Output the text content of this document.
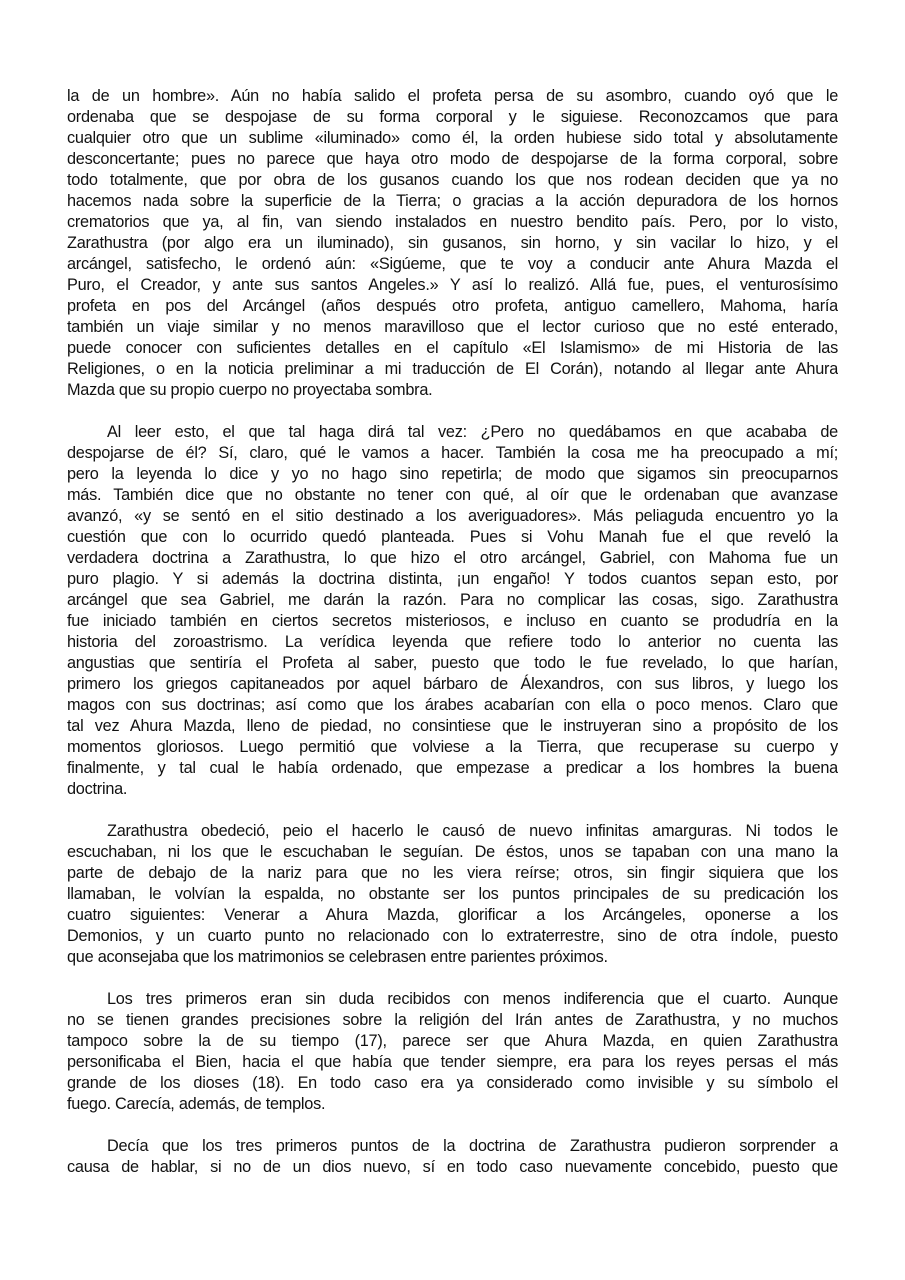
la de un hombre». Aún no había salido el profeta persa de su asombro, cuando oyó que le
ordenaba que se despojase de su forma corporal y le siguiese. Reconozcamos que para
cualquier otro que un sublime «iluminado» como él, la orden hubiese sido total y absolutamente
desconcertante; pues no parece que haya otro modo de despojarse de la forma corporal, sobre
todo totalmente, que por obra de los gusanos cuando los que nos rodean deciden que ya no
hacemos nada sobre la superficie de la Tierra; o gracias a la acción depuradora de los hornos
crematorios que ya, al fin, van siendo instalados en nuestro bendito país. Pero, por lo visto,
Zarathustra (por algo era un iluminado), sin gusanos, sin horno, y sin vacilar lo hizo, y el
arcángel, satisfecho, le ordenó aún: «Sigúeme, que te voy a conducir ante Ahura Mazda el
Puro, el Creador, y ante sus santos Angeles.» Y así lo realizó. Allá fue, pues, el venturosísimo
profeta en pos del Arcángel (años después otro profeta, antiguo camellero, Mahoma, haría
también un viaje similar y no menos maravilloso que el lector curioso que no esté enterado,
puede conocer con suficientes detalles en el capítulo «El Islamismo» de mi Historia de las
Religiones, o en la noticia preliminar a mi traducción de El Corán), notando al llegar ante Ahura
Mazda que su propio cuerpo no proyectaba sombra.
Al leer esto, el que tal haga dirá tal vez: ¿Pero no quedábamos en que acababa de
despojarse de él? Sí, claro, qué le vamos a hacer. También la cosa me ha preocupado a mí;
pero la leyenda lo dice y yo no hago sino repetirla; de modo que sigamos sin preocuparnos
más. También dice que no obstante no tener con qué, al oír que le ordenaban que avanzase
avanzó, «y se sentó en el sitio destinado a los averiguadores». Más peliaguda encuentro yo la
cuestión que con lo ocurrido quedó planteada. Pues si Vohu Manah fue el que reveló la
verdadera doctrina a Zarathustra, lo que hizo el otro arcángel, Gabriel, con Mahoma fue un
puro plagio. Y si además la doctrina distinta, ¡un engaño! Y todos cuantos sepan esto, por
arcángel que sea Gabriel, me darán la razón. Para no complicar las cosas, sigo. Zarathustra
fue iniciado también en ciertos secretos misteriosos, e incluso en cuanto se produdría en la
historia del zoroastrismo. La verídica leyenda que refiere todo lo anterior no cuenta las
angustias que sentiría el Profeta al saber, puesto que todo le fue revelado, lo que harían,
primero los griegos capitaneados por aquel bárbaro de Álexandros, con sus libros, y luego los
magos con sus doctrinas; así como que los árabes acabarían con ella o poco menos. Claro que
tal vez Ahura Mazda, lleno de piedad, no consintiese que le instruyeran sino a propósito de los
momentos gloriosos. Luego permitió que volviese a la Tierra, que recuperase su cuerpo y
finalmente, y tal cual le había ordenado, que empezase a predicar a los hombres la buena
doctrina.
Zarathustra obedeció, peio el hacerlo le causó de nuevo infinitas amarguras. Ni todos le
escuchaban, ni los que le escuchaban le seguían. De éstos, unos se tapaban con una mano la
parte de debajo de la nariz para que no les viera reírse; otros, sin fingir siquiera que los
llamaban, le volvían la espalda, no obstante ser los puntos principales de su predicación los
cuatro siguientes: Venerar a Ahura Mazda, glorificar a los Arcángeles, oponerse a los
Demonios, y un cuarto punto no relacionado con lo extraterrestre, sino de otra índole, puesto
que aconsejaba que los matrimonios se celebrasen entre parientes próximos.
Los tres primeros eran sin duda recibidos con menos indiferencia que el cuarto. Aunque
no se tienen grandes precisiones sobre la religión del Irán antes de Zarathustra, y no muchos
tampoco sobre la de su tiempo (17), parece ser que Ahura Mazda, en quien Zarathustra
personificaba el Bien, hacia el que había que tender siempre, era para los reyes persas el más
grande de los dioses (18). En todo caso era ya considerado como invisible y su símbolo el
fuego. Carecía, además, de templos.
Decía que los tres primeros puntos de la doctrina de Zarathustra pudieron sorprender a
causa de hablar, si no de un dios nuevo, sí en todo caso nuevamente concebido, puesto que
